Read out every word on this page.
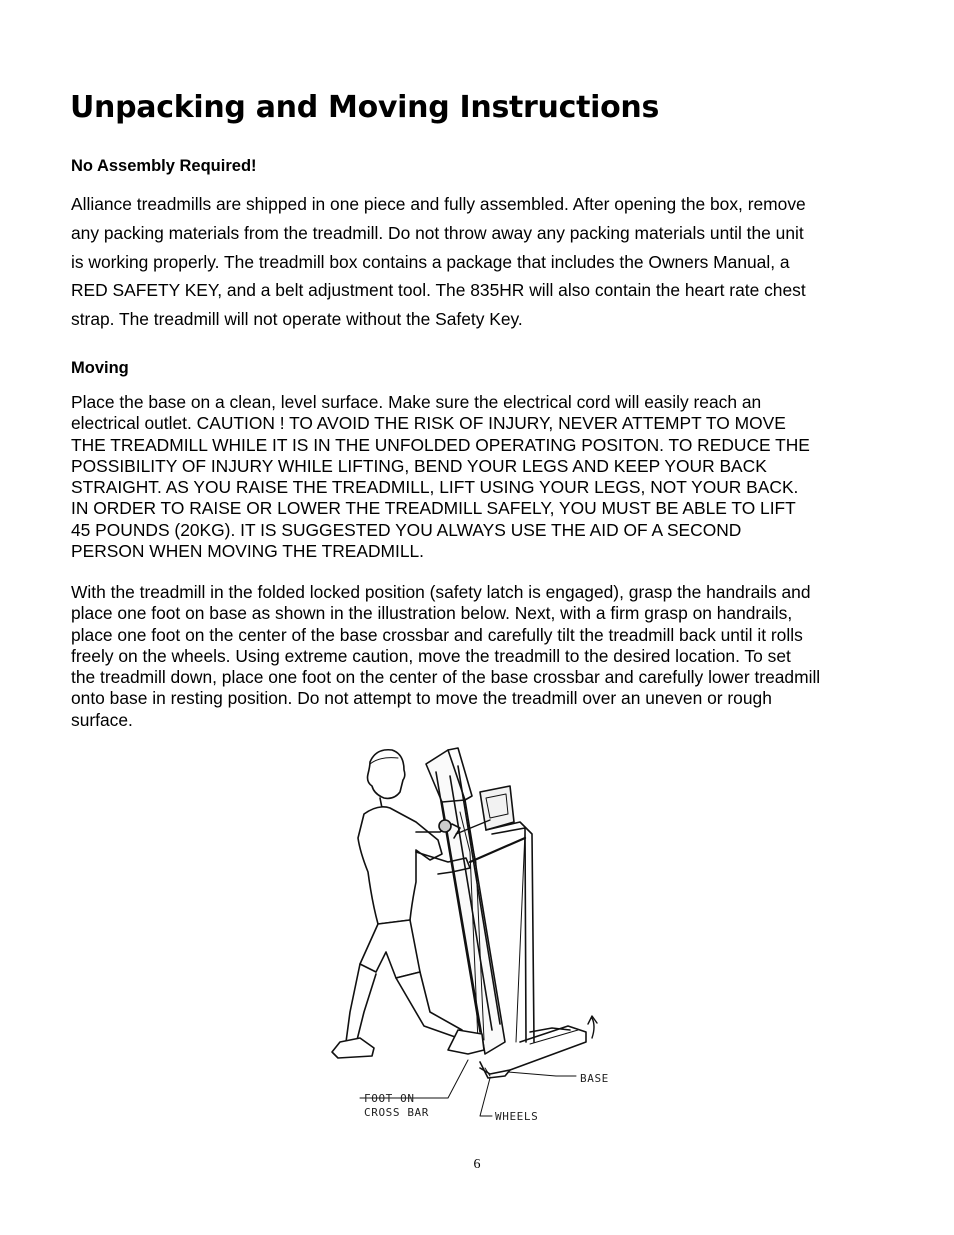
Unpacking and Moving Instructions
No Assembly Required!

Alliance treadmills are shipped in one piece and fully assembled. After opening the box, remove
any packing materials from the treadmill. Do not throw away any packing materials until the unit
is working properly. The treadmill box contains a package that includes the Owners Manual, a
RED SAFETY KEY, and a belt adjustment tool. The 835HR will also contain the heart rate chest
strap. The treadmill will not operate without the Safety Key.

Moving

Place the base on a clean, level surface. Make sure the electrical cord will easily reach an
electrical outlet. CAUTION ! TO AVOID THE RISK OF INJURY, NEVER ATTEMPT TO MOVE
THE TREADMILL WHILE IT IS IN THE UNFOLDED OPERATING POSITON. TO REDUCE THE
POSSIBILITY OF INJURY WHILE LIFTING, BEND YOUR LEGS AND KEEP YOUR BACK
STRAIGHT. AS YOU RAISE THE TREADMILL, LIFT USING YOUR LEGS, NOT YOUR BACK.
IN ORDER TO RAISE OR LOWER THE TREADMILL SAFELY, YOU MUST BE ABLE TO LIFT
45 POUNDS (20KG). IT IS SUGGESTED YOU ALWAYS USE THE AID OF A SECOND
PERSON WHEN MOVING THE TREADMILL.

With the treadmill in the folded locked position (safety latch is engaged), grasp the handrails and
place one foot on base as shown in the illustration below. Next, with a firm grasp on handrails,
place one foot on the center of the base crossbar and carefully tilt the treadmill back until it rolls
freely on the wheels. Using extreme caution, move the treadmill to the desired location. To set
the treadmill down, place one foot on the center of the base crossbar and carefully lower treadmill
onto base in resting position. Do not attempt to move the treadmill over an uneven or rough
surface.

FOOT ON
CROSS BAR	WHEELS
BASE
6
